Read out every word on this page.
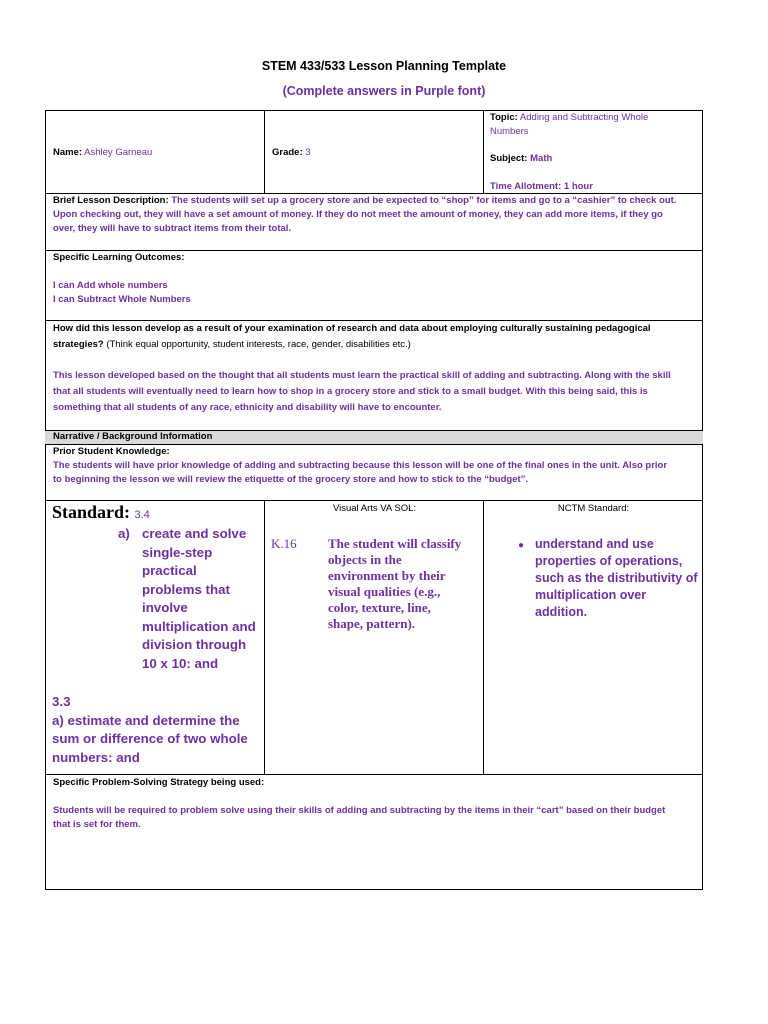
STEM 433/533 Lesson Planning Template
(Complete answers in Purple font)
Name: Ashley Garneau	Grade: 3
Topic: Adding and Subtracting Whole
Numbers
Subject: Math
Time Allotment: 1 hour
Brief Lesson Description: The students will set up a grocery store and be expected to “shop” for items and go to a “cashier” to check out.
Upon checking out, they will have a set amount of money. If they do not meet the amount of money, they can add more items, if they go
over, they will have to subtract items from their total.
Specific Learning Outcomes:
I can Add whole numbers
I can Subtract Whole Numbers
How did this lesson develop as a result of your examination of research and data about employing culturally sustaining pedagogical
strategies? (Think equal opportunity, student interests, race, gender, disabilities etc.)
This lesson developed based on the thought that all students must learn the practical skill of adding and subtracting. Along with the skill
that all students will eventually need to learn how to shop in a grocery store and stick to a small budget. With this being said, this is
something that all students of any race, ethnicity and disability will have to encounter.
Narrative / Background Information
Prior Student Knowledge:
The students will have prior knowledge of adding and subtracting because this lesson will be one of the final ones in the unit. Also prior
to beginning the lesson we will review the etiquette of the grocery store and how to stick to the “budget”.
Standard: 3.4
a) create and solve
single-step
practical
problems that
involve
multiplication and
division through
10 x 10: and
3.3
a) estimate and determine the
sum or difference of two whole
numbers: and
Visual Arts VA SOL:
K.16 The student will classify
objects in the
environment by their
visual qualities (e.g.,
color, texture, line,
shape, pattern).
NCTM Standard:
● understand and use
properties of operations,
such as the distributivity of
multiplication over
addition.
Specific Problem-Solving Strategy being used:
Students will be required to problem solve using their skills of adding and subtracting by the items in their “cart” based on their budget
that is set for them.
